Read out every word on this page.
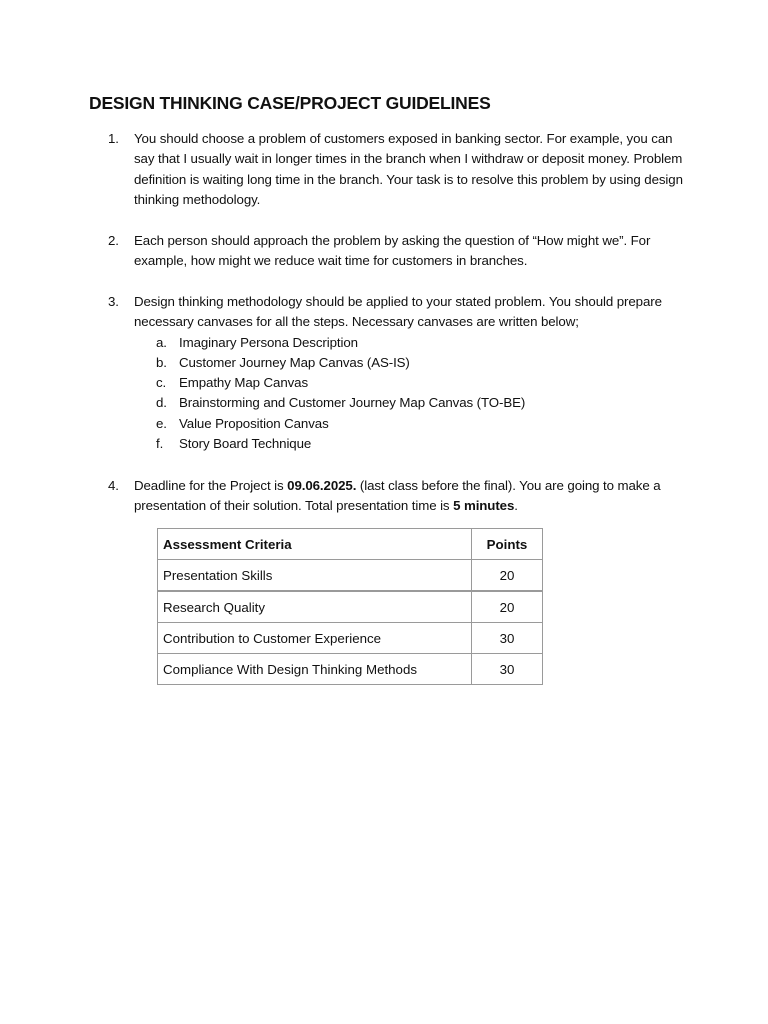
DESIGN THINKING CASE/PROJECT GUIDELINES
1.	You should choose a problem of customers exposed in banking sector. For example, you can say that I usually wait in longer times in the branch when I withdraw or deposit money. Problem definition is waiting long time in the branch. Your task is to resolve this problem by using design thinking methodology.
2.	Each person should approach the problem by asking the question of “How might we”. For example, how might we reduce wait time for customers in branches.
3.	Design thinking methodology should be applied to your stated problem. You should prepare necessary canvases for all the steps. Necessary canvases are written below;
a. Imaginary Persona Description
b. Customer Journey Map Canvas (AS-IS)
c. Empathy Map Canvas
d. Brainstorming and Customer Journey Map Canvas (TO-BE)
e. Value Proposition Canvas
f. Story Board Technique
4.	Deadline for the Project is 09.06.2025. (last class before the final). You are going to make a presentation of their solution. Total presentation time is 5 minutes.
Assessment Criteria	Points
Presentation Skills	20
Research Quality	20
Contribution to Customer Experience	30
Compliance With Design Thinking Methods	30
